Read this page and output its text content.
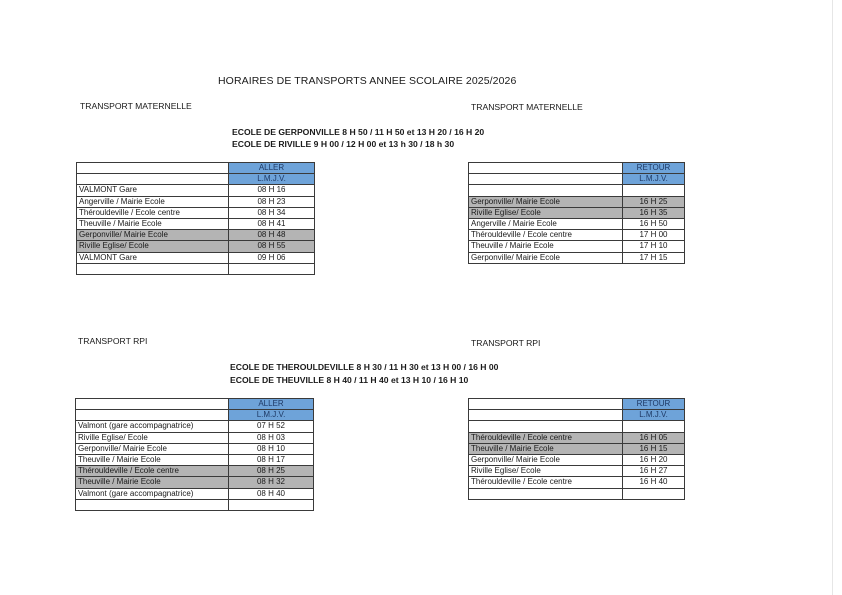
HORAIRES DE TRANSPORTS ANNEE SCOLAIRE 2025/2026
TRANSPORT MATERNELLE	TRANSPORT MATERNELLE
ECOLE DE GERPONVILLE 8 H 50 / 11 H 50 et 13 H 20 / 16 H 20
ECOLE DE RIVILLE 9 H 00 / 12 H 00 et 13 h 30 / 18 h 30
	ALLER
	L.M.J.V.
VALMONT Gare	08 H 16
Angerville / Mairie Ecole	08 H 23
Thérouldeville / Ecole centre	08 H 34
Theuville / Mairie Ecole	08 H 41
Gerponville/ Mairie Ecole	08 H 48
Riville Eglise/ Ecole	08 H 55
VALMONT Gare	09 H 06

	RETOUR
	L.M.J.V.

Gerponville/ Mairie Ecole	16 H 25
Riville Eglise/ Ecole	16 H 35
Angerville / Mairie Ecole	16 H 50
Thérouldeville / Ecole centre	17 H 00
Theuville / Mairie Ecole	17 H 10
Gerponville/ Mairie Ecole	17 H 15
TRANSPORT RPI	TRANSPORT RPI
ECOLE DE THEROULDEVILLE 8 H 30 / 11 H 30 et 13 H 00 / 16 H 00
ECOLE DE THEUVILLE 8 H 40 / 11 H 40 et 13 H 10 / 16 H 10
	ALLER
	L.M.J.V.
Valmont (gare accompagnatrice)	07 H 52
Riville Eglise/ Ecole	08 H 03
Gerponville/ Mairie Ecole	08 H 10
Theuville / Mairie Ecole	08 H 17
Thérouldeville / Ecole centre	08 H 25
Theuville / Mairie Ecole	08 H 32
Valmont (gare accompagnatrice)	08 H 40

	RETOUR
	L.M.J.V.

Thérouldeville / Ecole centre	16 H 05
Theuville / Mairie Ecole	16 H 15
Gerponville/ Mairie Ecole	16 H 20
Riville Eglise/ Ecole	16 H 27
Thérouldeville / Ecole centre	16 H 40
